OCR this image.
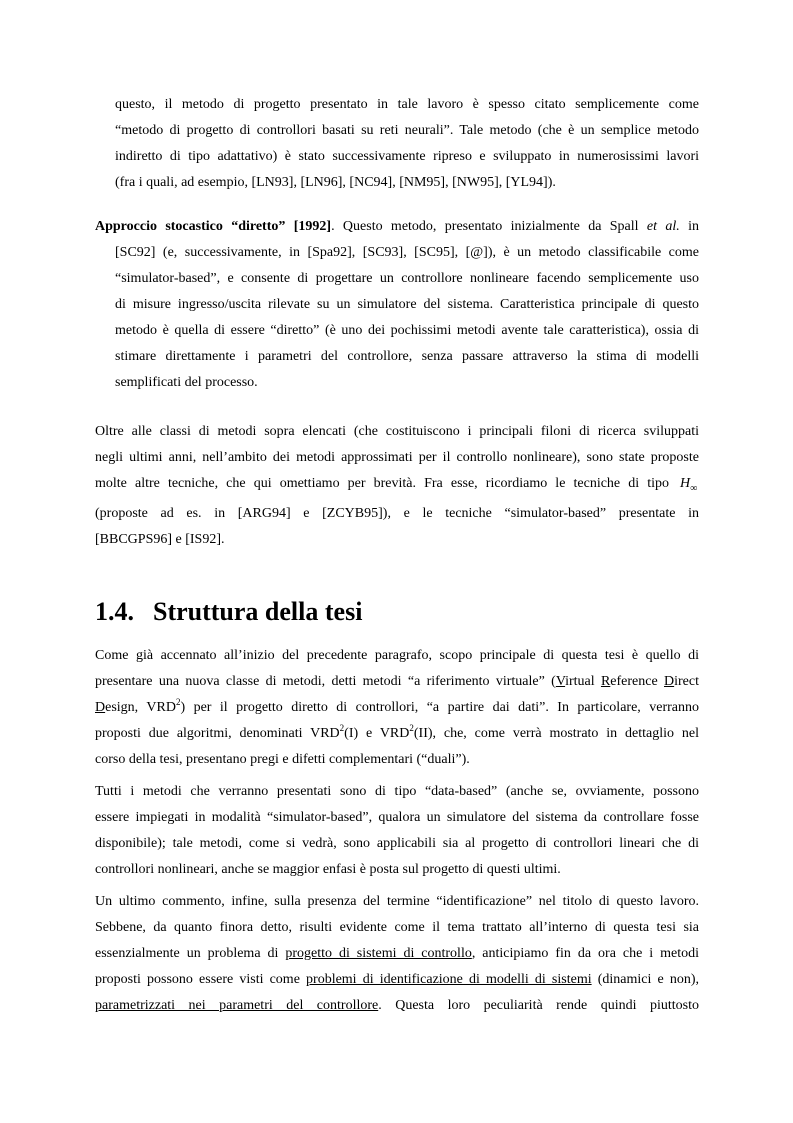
questo, il metodo di progetto presentato in tale lavoro è spesso citato semplicemente come
“metodo di progetto di controllori basati su reti neurali”. Tale metodo (che è un semplice metodo
indiretto di tipo adattativo) è stato successivamente ripreso e sviluppato in numerosissimi lavori
(fra i quali, ad esempio, [LN93], [LN96], [NC94], [NM95], [NW95], [YL94]).
Approccio stocastico “diretto” [1992]. Questo metodo, presentato inizialmente da Spall et al. in
[SC92] (e, successivamente, in [Spa92], [SC93], [SC95], [@]), è un metodo classificabile come
“simulator-based”, e consente di progettare un controllore nonlineare facendo semplicemente uso
di misure ingresso/uscita rilevate su un simulatore del sistema. Caratteristica principale di questo
metodo è quella di essere “diretto” (è uno dei pochissimi metodi avente tale caratteristica), ossia di
stimare direttamente i parametri del controllore, senza passare attraverso la stima di modelli
semplificati del processo.
Oltre alle classi di metodi sopra elencati (che costituiscono i principali filoni di ricerca sviluppati
negli ultimi anni, nell’ambito dei metodi approssimati per il controllo nonlineare), sono state proposte
molte altre tecniche, che qui omettiamo per brevità. Fra esse, ricordiamo le tecniche di tipo $H_\infty$
(proposte ad es. in [ARG94] e [ZCYB95]), e le tecniche “simulator-based” presentate in
[BBCGPS96] e [IS92].
1.4. Struttura della tesi
Come già accennato all’inizio del precedente paragrafo, scopo principale di questa tesi è quello di
presentare una nuova classe di metodi, detti metodi “a riferimento virtuale” (Virtual Reference Direct
Design, VRD$^2$) per il progetto diretto di controllori, “a partire dai dati”. In particolare, verranno
proposti due algoritmi, denominati VRD$^2$(I) e VRD$^2$(II), che, come verrà mostrato in dettaglio nel
corso della tesi, presentano pregi e difetti complementari (“duali”).
Tutti i metodi che verranno presentati sono di tipo “data-based” (anche se, ovviamente, possono
essere impiegati in modalità “simulator-based”, qualora un simulatore del sistema da controllare fosse
disponibile); tale metodi, come si vedrà, sono applicabili sia al progetto di controllori lineari che di
controllori nonlineari, anche se maggior enfasi è posta sul progetto di questi ultimi.
Un ultimo commento, infine, sulla presenza del termine “identificazione” nel titolo di questo lavoro.
Sebbene, da quanto finora detto, risulti evidente come il tema trattato all’interno di questa tesi sia
essenzialmente un problema di progetto di sistemi di controllo, anticipiamo fin da ora che i metodi
proposti possono essere visti come problemi di identificazione di modelli di sistemi (dinamici e non),
parametrizzati nei parametri del controllore. Questa loro peculiarità rende quindi piuttosto
